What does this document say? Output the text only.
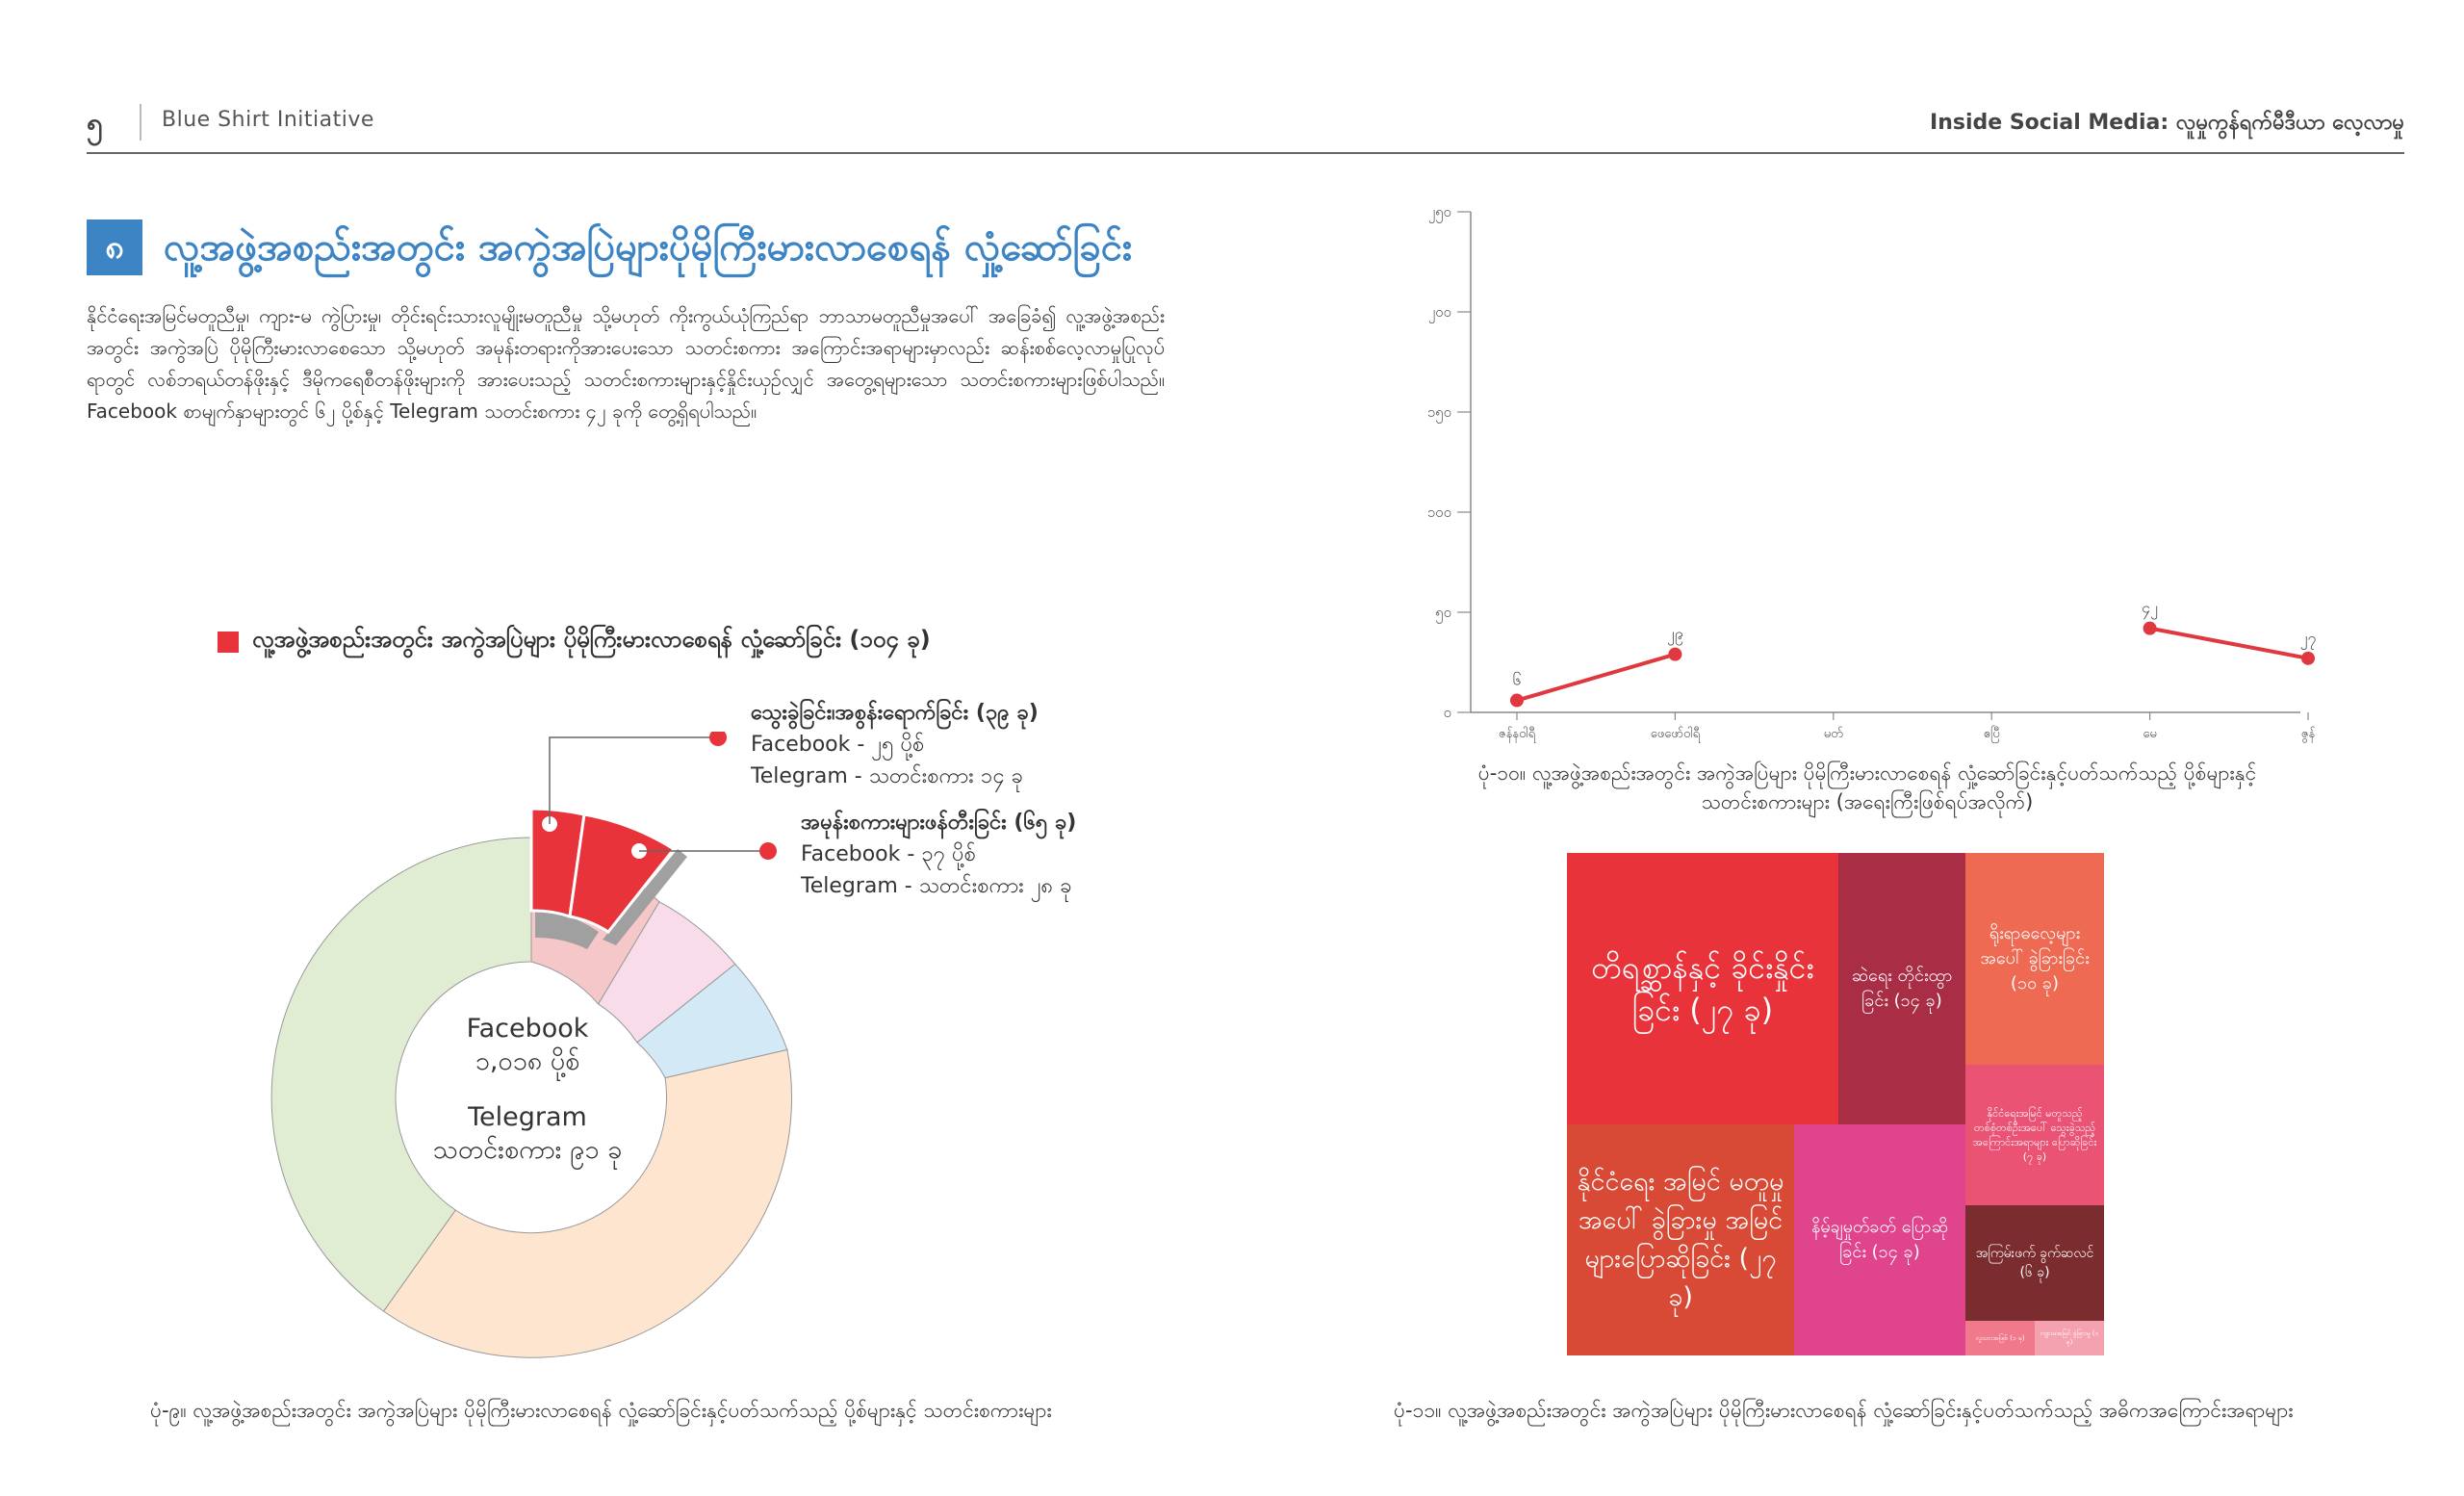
၅	Blue Shirt Initiative	Inside Social Media: လူမှုကွန်ရက်မီဒီယာ လေ့လာမှု
၈	လူ့အဖွဲ့အစည်းအတွင်း အကွဲအပြဲများပိုမိုကြီးမားလာစေရန် လှုံ့ဆော်ခြင်း
နိုင်ငံရေးအမြင်မတူညီမှု၊ ကျား-မ ကွဲပြားမှု၊ တိုင်းရင်းသားလူမျိုးမတူညီမှု သို့မဟုတ် ကိုးကွယ်ယုံကြည်ရာ ဘာသာမတူညီမှုအပေါ် အခြေခံ၍ လူ့အဖွဲ့အစည်းအတွင်း အကွဲအပြဲ ပိုမိုကြီးမားလာစေသော သို့မဟုတ် အမုန်းတရားကိုအားပေးသော သတင်းစကား အကြောင်းအရာများမှာလည်း ဆန်းစစ်လေ့လာမှုပြုလုပ်ရာတွင် လစ်ဘရယ်တန်ဖိုးနှင့် ဒီမိုကရေစီတန်ဖိုးများကို အားပေးသည့် သတင်းစကားများနှင့်နှိုင်းယှဉ်လျှင် အတွေ့ရများသော သတင်းစကားများဖြစ်ပါသည်။ Facebook စာမျက်နှာများတွင် ၆၂ ပို့စ်နှင့် Telegram သတင်းစကား ၄၂ ခုကို တွေ့ရှိရပါသည်။
လူ့အဖွဲ့အစည်းအတွင်း အကွဲအပြဲများ ပိုမိုကြီးမားလာစေရန် လှုံ့ဆော်ခြင်း (၁၀၄ ခု)
သွေးခွဲခြင်း၊အစွန်းရောက်ခြင်း (၃၉ ခု)
Facebook - ၂၅ ပို့စ်
Telegram - သတင်းစကား ၁၄ ခု
အမုန်းစကားများဖန်တီးခြင်း (၆၅ ခု)
Facebook - ၃၇ ပို့စ်
Telegram - သတင်းစကား ၂၈ ခု
Facebook
၁,၀၁၈ ပို့စ်
Telegram
သတင်းစကား ၉၁ ခု
ပုံ-၉။ လူ့အဖွဲ့အစည်းအတွင်း အကွဲအပြဲများ ပိုမိုကြီးမားလာစေရန် လှုံ့ဆော်ခြင်းနှင့်ပတ်သက်သည့် ပို့စ်များနှင့် သတင်းစကားများ
၀
၅၀
၁၀၀
၁၅၀
၂၀၀
၂၅၀
ဇန်နဝါရီ	ဖေဖော်ဝါရီ	မတ်	ဧပြီ	မေ	ဇွန်
၆
၂၉
၄၂
၂၇
ပုံ-၁၀။ လူ့အဖွဲ့အစည်းအတွင်း အကွဲအပြဲများ ပိုမိုကြီးမားလာစေရန် လှုံ့ဆော်ခြင်းနှင့်ပတ်သက်သည့် ပို့စ်များနှင့် သတင်းစကားများ (အရေးကြီးဖြစ်ရပ်အလိုက်)
တိရစ္ဆာန်နှင့် ခိုင်းနှိုင်းခြင်း (၂၇ ခု)
ဆဲရေး တိုင်းထွာခြင်း (၁၄ ခု)
ရိုးရာဓလေ့များအပေါ် ခွဲခြားခြင်း (၁၀ ခု)
နိုင်ငံရေးအမြင် မတူသည့် တစ်စုံတစ်ဦးအပေါ် သွေးခွဲသည့် အကြောင်းအရာများ ပြောဆိုခြင်း (၇ ခု)
နိုင်ငံရေး အမြင် မတူမှုအပေါ် ခွဲခြားမှု အမြင်များပြောဆိုခြင်း (၂၇ ခု)
နိမ့်ချမှုတ်ခတ် ပြောဆိုခြင်း (၁၄ ခု)	အကြမ်းဖက် ခွက်ဆလင် (၆ ခု)
လူသားအဖြစ် (၁ ခု)
ကျားမအမြင် ခွဲခြားမှု (၁ ခု)
ပုံ-၁၁။ လူ့အဖွဲ့အစည်းအတွင်း အကွဲအပြဲများ ပိုမိုကြီးမားလာစေရန် လှုံ့ဆော်ခြင်းနှင့်ပတ်သက်သည့် အဓိကအကြောင်းအရာများ
